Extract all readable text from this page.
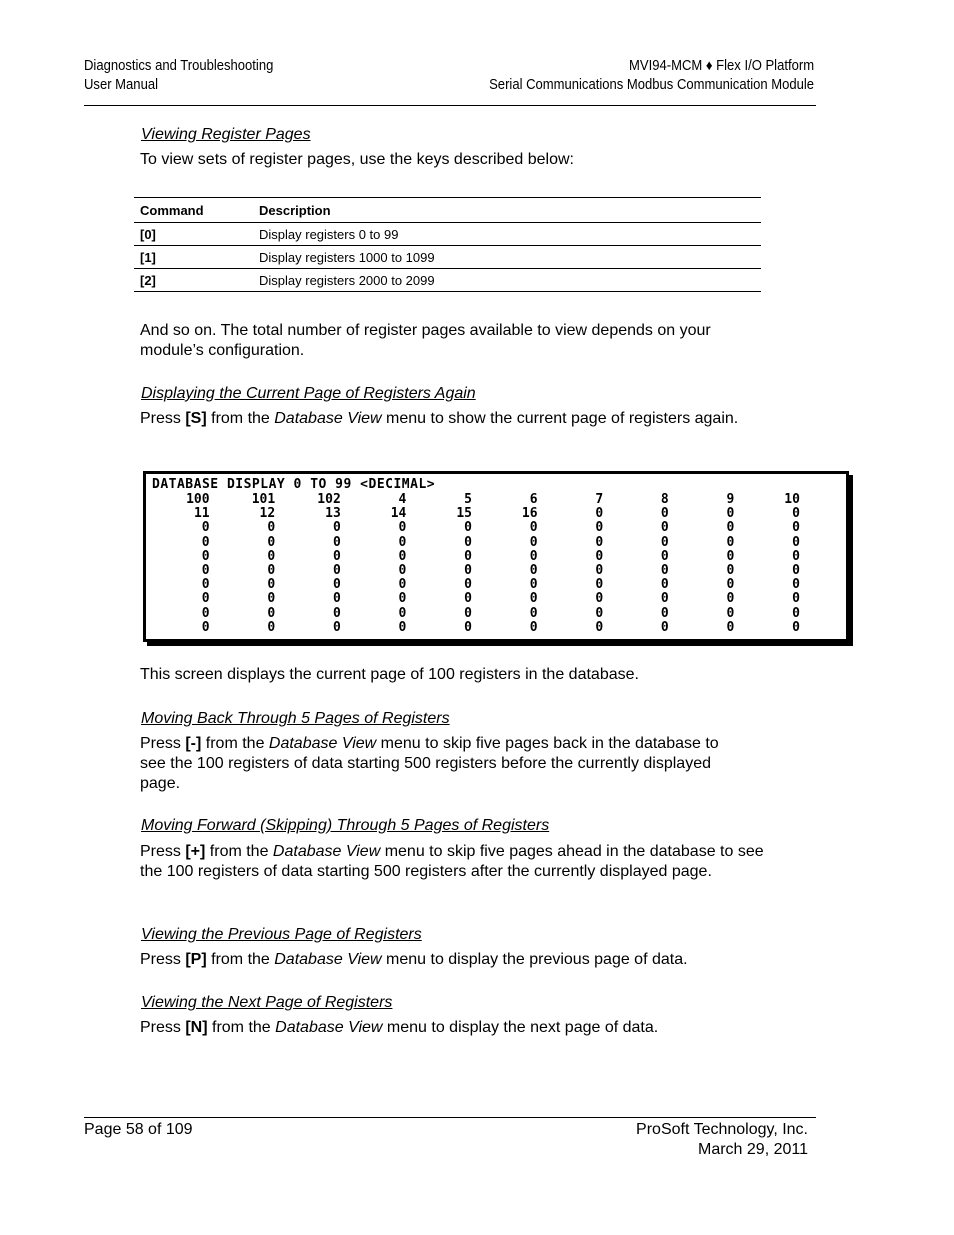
Diagnostics and Troubleshooting
User Manual
MVI94-MCM ♦ Flex I/O Platform
Serial Communications Modbus Communication Module
Viewing Register Pages
To view sets of register pages, use the keys described below:
Command	Description
[0]	Display registers 0 to 99
[1]	Display registers 1000 to 1099
[2]	Display registers 2000 to 2099
And so on. The total number of register pages available to view depends on your module’s configuration.
Displaying the Current Page of Registers Again
Press [S] from the Database View menu to show the current page of registers again.
DATABASE DISPLAY 0 TO 99 <DECIMAL>
100	101	102	4	5	6	7	8	9	10
11	12	13	14	15	16	0	0	0	0
0	0	0	0	0	0	0	0	0	0
0	0	0	0	0	0	0	0	0	0
0	0	0	0	0	0	0	0	0	0
0	0	0	0	0	0	0	0	0	0
0	0	0	0	0	0	0	0	0	0
0	0	0	0	0	0	0	0	0	0
0	0	0	0	0	0	0	0	0	0
0	0	0	0	0	0	0	0	0	0
This screen displays the current page of 100 registers in the database.
Moving Back Through 5 Pages of Registers
Press [-] from the Database View menu to skip five pages back in the database to see the 100 registers of data starting 500 registers before the currently displayed page.
Moving Forward (Skipping) Through 5 Pages of Registers
Press [+] from the Database View menu to skip five pages ahead in the database to see the 100 registers of data starting 500 registers after the currently displayed page.
Viewing the Previous Page of Registers
Press [P] from the Database View menu to display the previous page of data.
Viewing the Next Page of Registers
Press [N] from the Database View menu to display the next page of data.
Page 58 of 109	ProSoft Technology, Inc.
March 29, 2011
